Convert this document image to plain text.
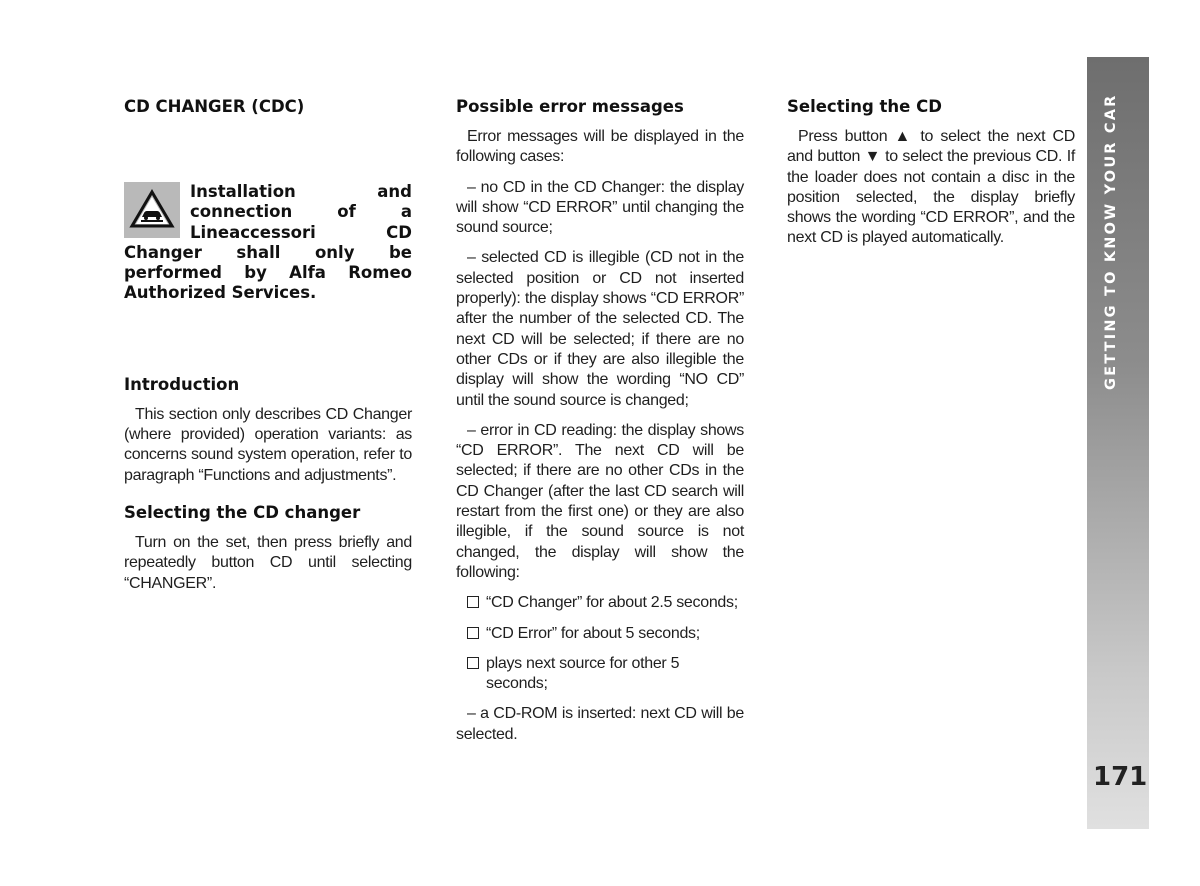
CD CHANGER (CDC)

Installation and connection of a Lineaccessori CD Changer shall only be performed by Alfa Romeo Authorized Services.

Introduction

This section only describes CD Changer (where provided) operation variants: as concerns sound system operation, refer to paragraph “Functions and adjustments”.

Selecting the CD changer

Turn on the set, then press briefly and repeatedly button CD until selecting “CHANGER”.

Possible error messages

Error messages will be displayed in the following cases:

– no CD in the CD Changer: the display will show “CD ERROR” until changing the sound source;

– selected CD is illegible (CD not in the selected position or CD not inserted properly): the display shows “CD ERROR” after the number of the selected CD. The next CD will be selected; if there are no other CDs or if they are also illegible the display will show the wording “NO CD” until the sound source is changed;

– error in CD reading: the display shows “CD ERROR”. The next CD will be selected; if there are no other CDs in the CD Changer (after the last CD search will restart from the first one) or they are also illegible, if the sound source is not changed, the display will show the following:

“CD Changer” for about 2.5 seconds;
“CD Error” for about 5 seconds;
plays next source for other 5 seconds;

– a CD-ROM is inserted: next CD will be selected.

Selecting the CD

Press button ▲ to select the next CD and button ▼ to select the previous CD. If the loader does not contain a disc in the position selected, the display briefly shows the wording “CD ERROR”, and the next CD is played automatically.	GETTING TO KNOW YOUR CAR
171
